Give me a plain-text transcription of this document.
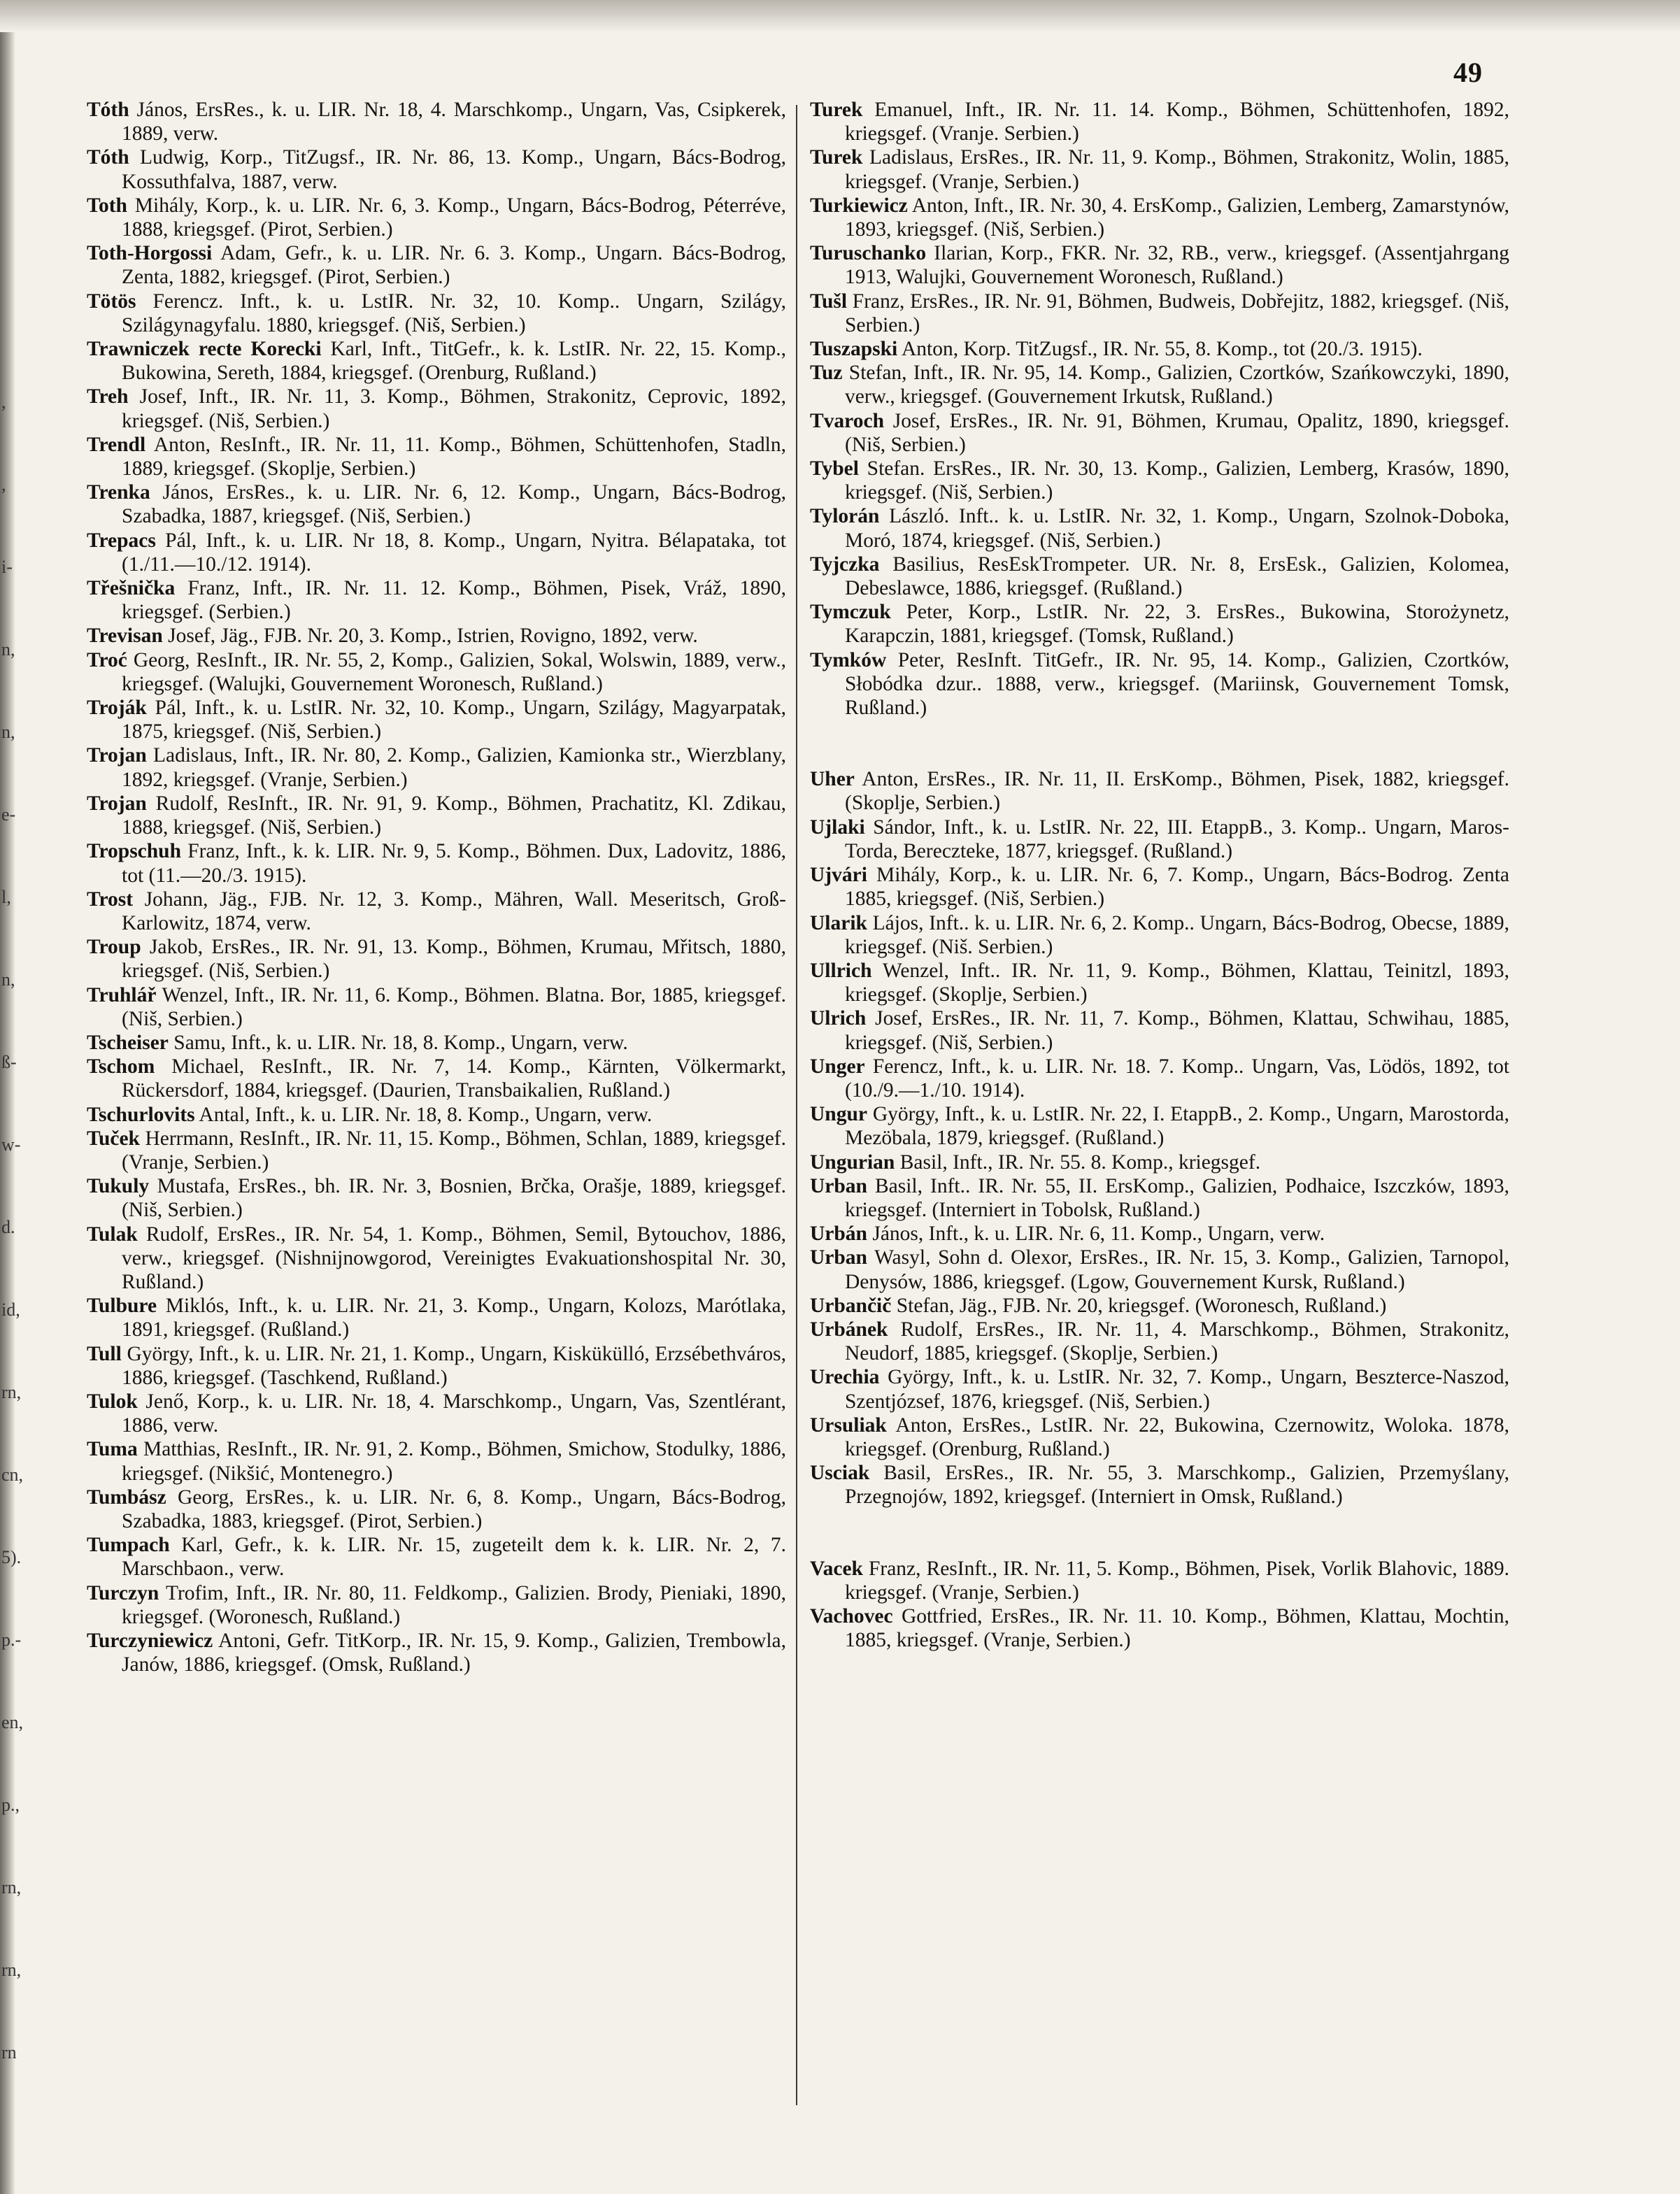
,
,
i-
n,
n,
e-
l,
n,
ß-
w-
d.
id,
rn,
cn,
5).
p.-
en,
p.,
rn,
rn,
rn
49

Tóth János, ErsRes., k. u. LIR. Nr. 18, 4. Marschkomp., Ungarn, Vas, Csipkerek, 1889, verw.

Tóth Ludwig, Korp., TitZugsf., IR. Nr. 86, 13. Komp., Ungarn, Bács-Bodrog, Kossuthfalva, 1887, verw.

Toth Mihály, Korp., k. u. LIR. Nr. 6, 3. Komp., Ungarn, Bács-Bodrog, Péterréve, 1888, kriegsgef. (Pirot, Serbien.)

Toth-Horgossi Adam, Gefr., k. u. LIR. Nr. 6. 3. Komp., Ungarn. Bács-Bodrog, Zenta, 1882, kriegsgef. (Pirot, Serbien.)

Tötös Ferencz. Inft., k. u. LstIR. Nr. 32, 10. Komp.. Ungarn, Szilágy, Szilágynagyfalu. 1880, kriegsgef. (Niš, Serbien.)

Trawniczek recte Korecki Karl, Inft., TitGefr., k. k. LstIR. Nr. 22, 15. Komp., Bukowina, Sereth, 1884, kriegsgef. (Orenburg, Rußland.)

Treh Josef, Inft., IR. Nr. 11, 3. Komp., Böhmen, Strakonitz, Ceprovic, 1892, kriegsgef. (Niš, Serbien.)

Trendl Anton, ResInft., IR. Nr. 11, 11. Komp., Böhmen, Schüttenhofen, Stadln, 1889, kriegsgef. (Skoplje, Serbien.)

Trenka János, ErsRes., k. u. LIR. Nr. 6, 12. Komp., Ungarn, Bács-Bodrog, Szabadka, 1887, kriegsgef. (Niš, Serbien.)

Trepacs Pál, Inft., k. u. LIR. Nr 18, 8. Komp., Ungarn, Nyitra. Bélapataka, tot (1./11.—10./12. 1914).

Třešnička Franz, Inft., IR. Nr. 11. 12. Komp., Böhmen, Pisek, Vráž, 1890, kriegsgef. (Serbien.)

Trevisan Josef, Jäg., FJB. Nr. 20, 3. Komp., Istrien, Rovigno, 1892, verw.

Troć Georg, ResInft., IR. Nr. 55, 2, Komp., Galizien, Sokal, Wolswin, 1889, verw., kriegsgef. (Walujki, Gouvernement Woronesch, Rußland.)

Troják Pál, Inft., k. u. LstIR. Nr. 32, 10. Komp., Ungarn, Szilágy, Magyarpatak, 1875, kriegsgef. (Niš, Serbien.)

Trojan Ladislaus, Inft., IR. Nr. 80, 2. Komp., Galizien, Kamionka str., Wierzblany, 1892, kriegsgef. (Vranje, Serbien.)

Trojan Rudolf, ResInft., IR. Nr. 91, 9. Komp., Böhmen, Prachatitz, Kl. Zdikau, 1888, kriegsgef. (Niš, Serbien.)

Tropschuh Franz, Inft., k. k. LIR. Nr. 9, 5. Komp., Böhmen. Dux, Ladovitz, 1886, tot (11.—20./3. 1915).

Trost Johann, Jäg., FJB. Nr. 12, 3. Komp., Mähren, Wall. Meseritsch, Groß-Karlowitz, 1874, verw.

Troup Jakob, ErsRes., IR. Nr. 91, 13. Komp., Böhmen, Krumau, Mřitsch, 1880, kriegsgef. (Niš, Serbien.)

Truhlář Wenzel, Inft., IR. Nr. 11, 6. Komp., Böhmen. Blatna. Bor, 1885, kriegsgef. (Niš, Serbien.)

Tscheiser Samu, Inft., k. u. LIR. Nr. 18, 8. Komp., Ungarn, verw.

Tschom Michael, ResInft., IR. Nr. 7, 14. Komp., Kärnten, Völkermarkt, Rückersdorf, 1884, kriegsgef. (Daurien, Transbaikalien, Rußland.)

Tschurlovits Antal, Inft., k. u. LIR. Nr. 18, 8. Komp., Ungarn, verw.

Tuček Herrmann, ResInft., IR. Nr. 11, 15. Komp., Böhmen, Schlan, 1889, kriegsgef. (Vranje, Serbien.)

Tukuly Mustafa, ErsRes., bh. IR. Nr. 3, Bosnien, Brčka, Orašje, 1889, kriegsgef. (Niš, Serbien.)

Tulak Rudolf, ErsRes., IR. Nr. 54, 1. Komp., Böhmen, Semil, Bytouchov, 1886, verw., kriegsgef. (Nishnijnowgorod, Vereinigtes Evakuationshospital Nr. 30, Rußland.)

Tulbure Miklós, Inft., k. u. LIR. Nr. 21, 3. Komp., Ungarn, Kolozs, Marótlaka, 1891, kriegsgef. (Rußland.)

Tull György, Inft., k. u. LIR. Nr. 21, 1. Komp., Ungarn, Kiskükülló, Erzsébethváros, 1886, kriegsgef. (Taschkend, Rußland.)

Tulok Jenő, Korp., k. u. LIR. Nr. 18, 4. Marschkomp., Ungarn, Vas, Szentlérant, 1886, verw.

Tuma Matthias, ResInft., IR. Nr. 91, 2. Komp., Böhmen, Smichow, Stodulky, 1886, kriegsgef. (Nikšić, Montenegro.)

Tumbász Georg, ErsRes., k. u. LIR. Nr. 6, 8. Komp., Ungarn, Bács-Bodrog, Szabadka, 1883, kriegsgef. (Pirot, Serbien.)

Tumpach Karl, Gefr., k. k. LIR. Nr. 15, zugeteilt dem k. k. LIR. Nr. 2, 7. Marschbaon., verw.

Turczyn Trofim, Inft., IR. Nr. 80, 11. Feldkomp., Galizien. Brody, Pieniaki, 1890, kriegsgef. (Woronesch, Rußland.)

Turczyniewicz Antoni, Gefr. TitKorp., IR. Nr. 15, 9. Komp., Galizien, Trembowla, Janów, 1886, kriegsgef. (Omsk, Rußland.)

Turek Emanuel, Inft., IR. Nr. 11. 14. Komp., Böhmen, Schüttenhofen, 1892, kriegsgef. (Vranje. Serbien.)

Turek Ladislaus, ErsRes., IR. Nr. 11, 9. Komp., Böhmen, Strakonitz, Wolin, 1885, kriegsgef. (Vranje, Serbien.)

Turkiewicz Anton, Inft., IR. Nr. 30, 4. ErsKomp., Galizien, Lemberg, Zamarstynów, 1893, kriegsgef. (Niš, Serbien.)

Turuschanko Ilarian, Korp., FKR. Nr. 32, RB., verw., kriegsgef. (Assentjahrgang 1913, Walujki, Gouvernement Woronesch, Rußland.)

Tušl Franz, ErsRes., IR. Nr. 91, Böhmen, Budweis, Dobřejitz, 1882, kriegsgef. (Niš, Serbien.)

Tuszapski Anton, Korp. TitZugsf., IR. Nr. 55, 8. Komp., tot (20./3. 1915).

Tuz Stefan, Inft., IR. Nr. 95, 14. Komp., Galizien, Czortków, Szańkowczyki, 1890, verw., kriegsgef. (Gouvernement Irkutsk, Rußland.)

Tvaroch Josef, ErsRes., IR. Nr. 91, Böhmen, Krumau, Opalitz, 1890, kriegsgef. (Niš, Serbien.)

Tybel Stefan. ErsRes., IR. Nr. 30, 13. Komp., Galizien, Lemberg, Krasów, 1890, kriegsgef. (Niš, Serbien.)

Tylorán László. Inft.. k. u. LstIR. Nr. 32, 1. Komp., Ungarn, Szolnok-Doboka, Moró, 1874, kriegsgef. (Niš, Serbien.)

Tyjczka Basilius, ResEskTrompeter. UR. Nr. 8, ErsEsk., Galizien, Kolomea, Debeslawce, 1886, kriegsgef. (Rußland.)

Tymczuk Peter, Korp., LstIR. Nr. 22, 3. ErsRes., Bukowina, Storożynetz, Karapczin, 1881, kriegsgef. (Tomsk, Rußland.)

Tymków Peter, ResInft. TitGefr., IR. Nr. 95, 14. Komp., Galizien, Czortków, Słobódka dzur.. 1888, verw., kriegsgef. (Mariinsk, Gouvernement Tomsk, Rußland.)

Uher Anton, ErsRes., IR. Nr. 11, II. ErsKomp., Böhmen, Pisek, 1882, kriegsgef. (Skoplje, Serbien.)

Ujlaki Sándor, Inft., k. u. LstIR. Nr. 22, III. EtappB., 3. Komp.. Ungarn, Maros-Torda, Bereczteke, 1877, kriegsgef. (Rußland.)

Ujvári Mihály, Korp., k. u. LIR. Nr. 6, 7. Komp., Ungarn, Bács-Bodrog. Zenta 1885, kriegsgef. (Niš, Serbien.)

Ularik Lájos, Inft.. k. u. LIR. Nr. 6, 2. Komp.. Ungarn, Bács-Bodrog, Obecse, 1889, kriegsgef. (Niš. Serbien.)

Ullrich Wenzel, Inft.. IR. Nr. 11, 9. Komp., Böhmen, Klattau, Teinitzl, 1893, kriegsgef. (Skoplje, Serbien.)

Ulrich Josef, ErsRes., IR. Nr. 11, 7. Komp., Böhmen, Klattau, Schwihau, 1885, kriegsgef. (Niš, Serbien.)

Unger Ferencz, Inft., k. u. LIR. Nr. 18. 7. Komp.. Ungarn, Vas, Lödös, 1892, tot (10./9.—1./10. 1914).

Ungur György, Inft., k. u. LstIR. Nr. 22, I. EtappB., 2. Komp., Ungarn, Marostorda, Mezöbala, 1879, kriegsgef. (Rußland.)

Ungurian Basil, Inft., IR. Nr. 55. 8. Komp., kriegsgef.

Urban Basil, Inft.. IR. Nr. 55, II. ErsKomp., Galizien, Podhaice, Iszczków, 1893, kriegsgef. (Interniert in Tobolsk, Rußland.)

Urbán János, Inft., k. u. LIR. Nr. 6, 11. Komp., Ungarn, verw.

Urban Wasyl, Sohn d. Olexor, ErsRes., IR. Nr. 15, 3. Komp., Galizien, Tarnopol, Denysów, 1886, kriegsgef. (Lgow, Gouvernement Kursk, Rußland.)

Urbančič Stefan, Jäg., FJB. Nr. 20, kriegsgef. (Woronesch, Rußland.)

Urbánek Rudolf, ErsRes., IR. Nr. 11, 4. Marschkomp., Böhmen, Strakonitz, Neudorf, 1885, kriegsgef. (Skoplje, Serbien.)

Urechia György, Inft., k. u. LstIR. Nr. 32, 7. Komp., Ungarn, Beszterce-Naszod, Szentjózsef, 1876, kriegsgef. (Niš, Serbien.)

Ursuliak Anton, ErsRes., LstIR. Nr. 22, Bukowina, Czernowitz, Woloka. 1878, kriegsgef. (Orenburg, Rußland.)

Usciak Basil, ErsRes., IR. Nr. 55, 3. Marschkomp., Galizien, Przemyślany, Przegnojów, 1892, kriegsgef. (Interniert in Omsk, Rußland.)

Vacek Franz, ResInft., IR. Nr. 11, 5. Komp., Böhmen, Pisek, Vorlik Blahovic, 1889. kriegsgef. (Vranje, Serbien.)

Vachovec Gottfried, ErsRes., IR. Nr. 11. 10. Komp., Böhmen, Klattau, Mochtin, 1885, kriegsgef. (Vranje, Serbien.)
